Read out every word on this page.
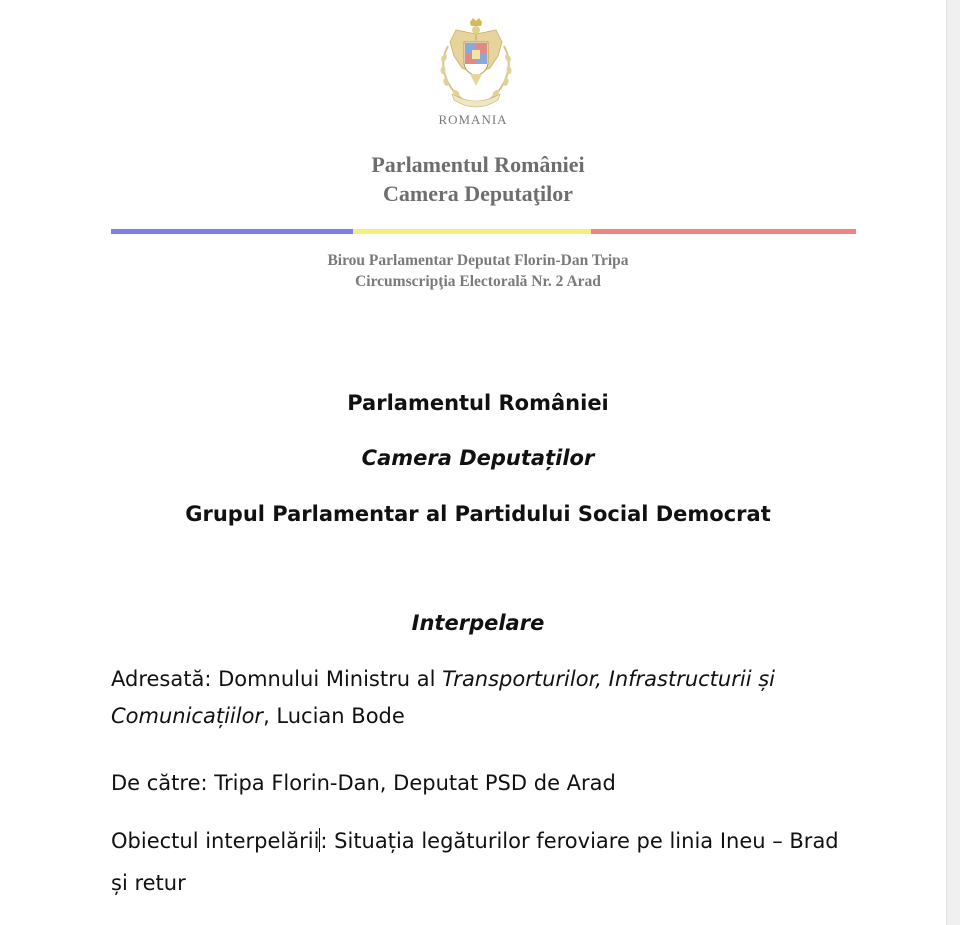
ROMANIA
Parlamentul României
Camera Deputaţilor
Birou Parlamentar Deputat Florin-Dan Tripa
Circumscripţia Electorală Nr. 2 Arad
Parlamentul României
Camera Deputaților
Grupul Parlamentar al Partidului Social Democrat
Interpelare
Adresată: Domnului Ministru al Transporturilor, Infrastructurii și Comunicațiilor, Lucian Bode
De către: Tripa Florin-Dan, Deputat PSD de Arad
Obiectul interpelării: Situația legăturilor feroviare pe linia Ineu – Brad și retur
